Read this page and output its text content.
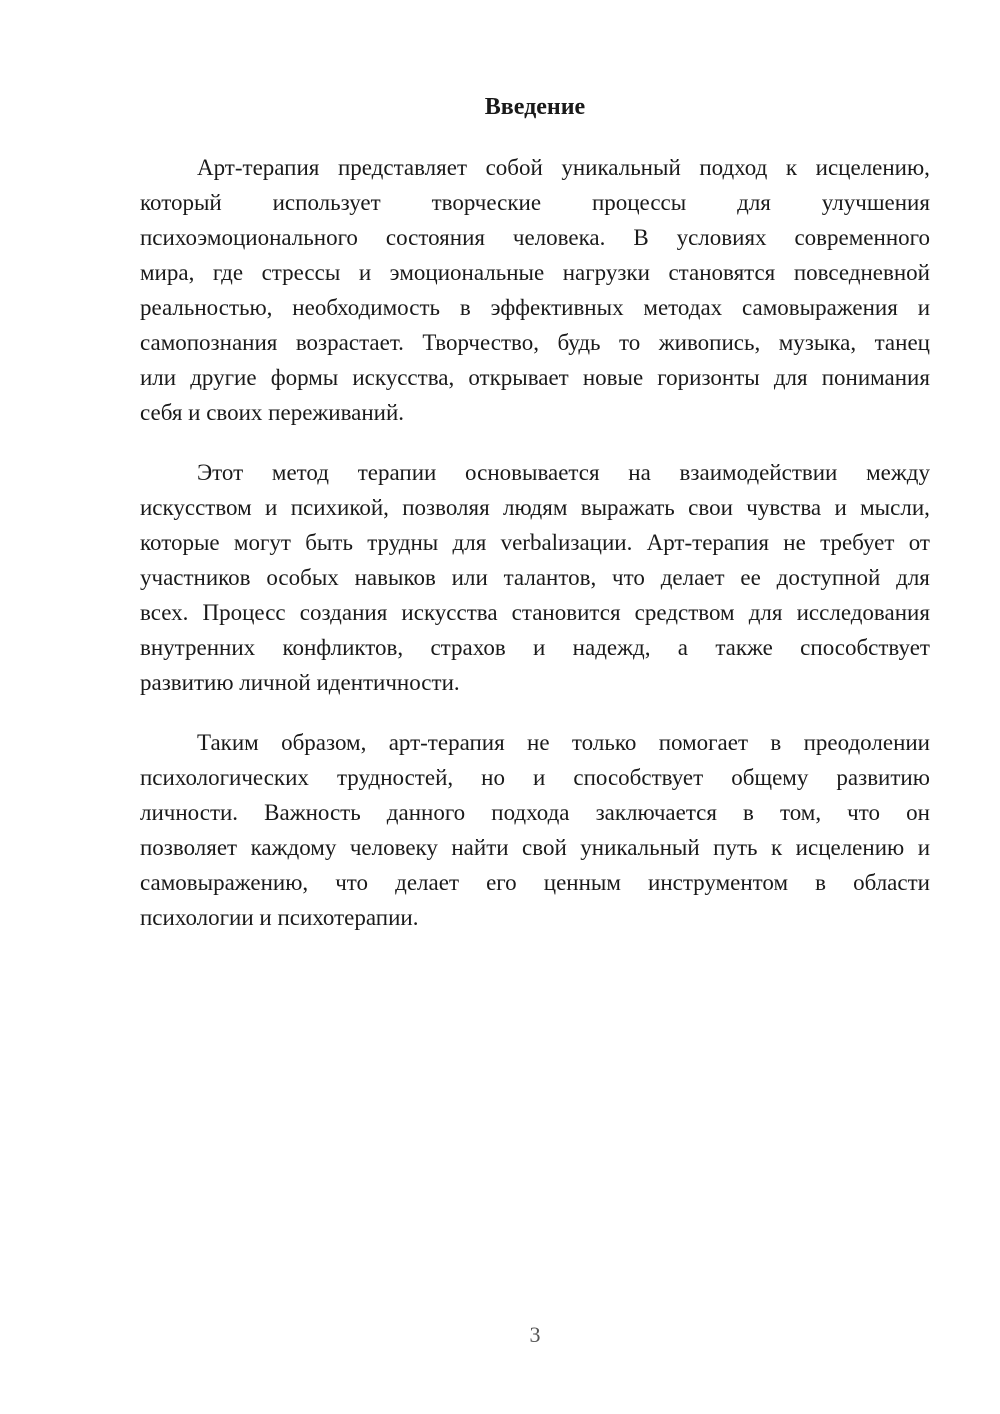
Введение
Арт-терапия представляет собой уникальный подход к исцелению,
который использует творческие процессы для улучшения
психоэмоционального состояния человека. В условиях современного
мира, где стрессы и эмоциональные нагрузки становятся повседневной
реальностью, необходимость в эффективных методах самовыражения и
самопознания возрастает. Творчество, будь то живопись, музыка, танец
или другие формы искусства, открывает новые горизонты для понимания
себя и своих переживаний.
Этот метод терапии основывается на взаимодействии между
искусством и психикой, позволяя людям выражать свои чувства и мысли,
которые могут быть трудны для verbalизации. Арт-терапия не требует от
участников особых навыков или талантов, что делает ее доступной для
всех. Процесс создания искусства становится средством для исследования
внутренних конфликтов, страхов и надежд, а также способствует
развитию личной идентичности.
Таким образом, арт-терапия не только помогает в преодолении
психологических трудностей, но и способствует общему развитию
личности. Важность данного подхода заключается в том, что он
позволяет каждому человеку найти свой уникальный путь к исцелению и
самовыражению, что делает его ценным инструментом в области
психологии и психотерапии.
3
